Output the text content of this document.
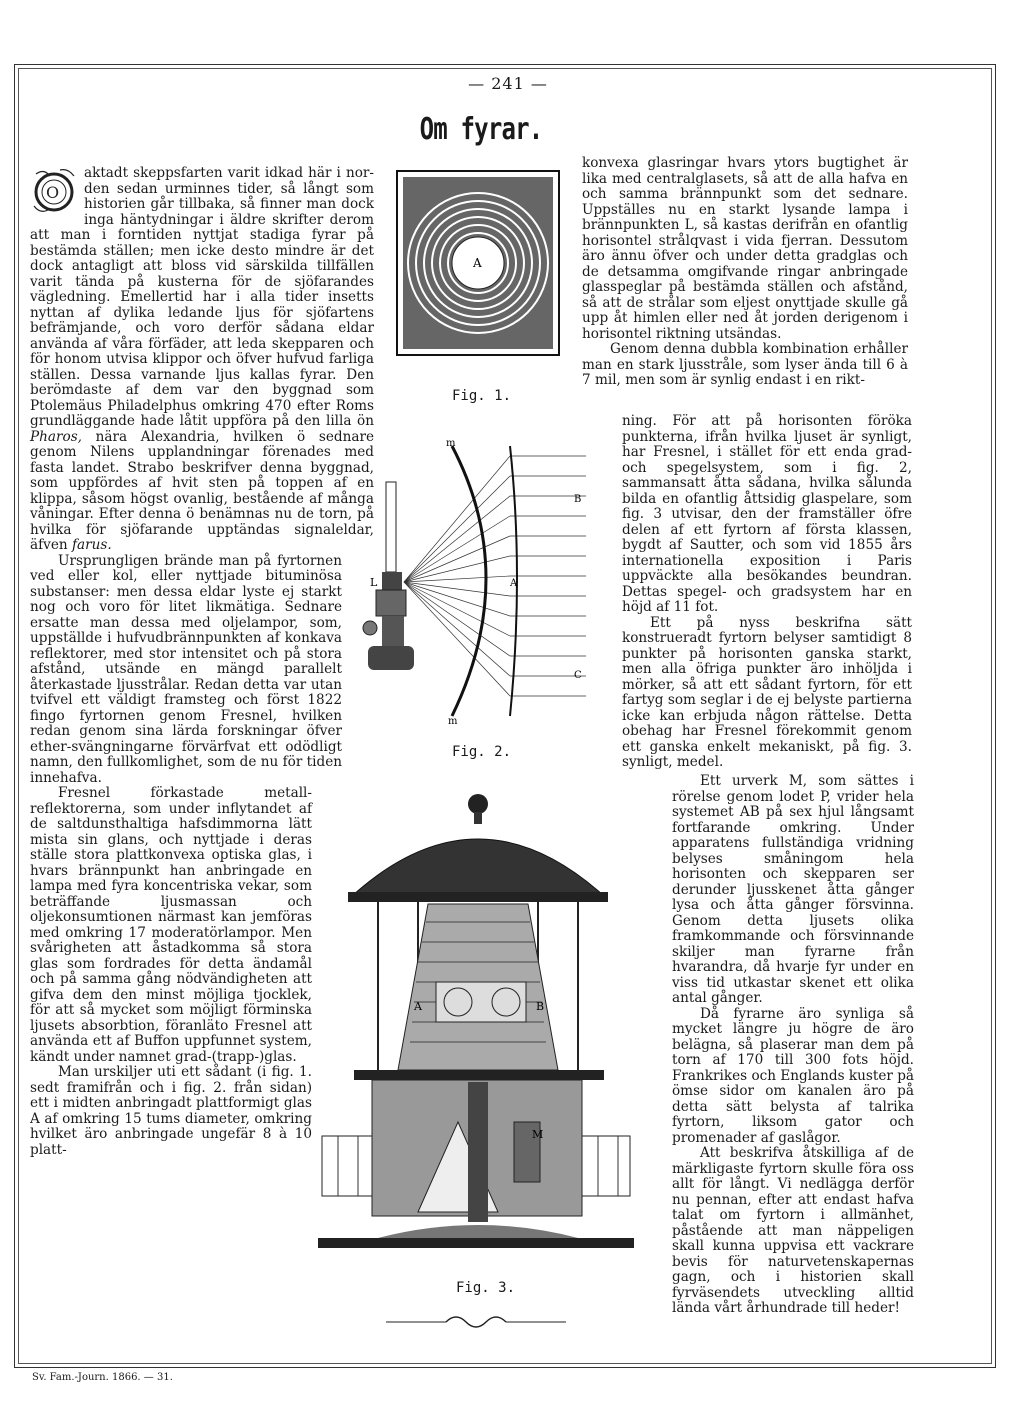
— 241 —
Om fyrar.
O

aktadt skeppsfarten varit idkad här i nor- den sedan urminnes tider, så långt som historien går tillbaka, så finner man dock inga häntydningar i äldre skrifter derom att man i forntiden nyttjat stadiga fyrar på bestämda ställen; men icke desto mindre är det dock antagligt att bloss vid särskilda tillfällen varit tända på kusterna för de sjöfarandes vägledning. Emellertid har i alla tider insetts nyttan af dylika ledande ljus för sjöfartens befrämjande, och voro derför sådana eldar använda af våra förfäder, att leda skepparen och för honom utvisa klippor och öfver hufvud farliga ställen. Dessa varnande ljus kallas fyrar. Den berömdaste af dem var den byggnad som Ptolemäus Philadelphus omkring 470 efter Roms grundläggande hade låtit uppföra på den lilla ön Pharos, nära Alexandria, hvilken ö sednare genom Nilens upplandningar förenades med fasta landet. Strabo beskrifver denna byggnad, som uppfördes af hvit sten på toppen af en klippa, såsom högst ovanlig, bestående af många våningar. Efter denna ö benämnas nu de torn, på hvilka för sjöfarande upptändas signaleldar, äfven farus.

Ursprungligen brände man på fyrtornen ved eller kol, eller nyttjade bituminösa substanser: men dessa eldar lyste ej starkt nog och voro för litet likmätiga. Sednare ersatte man dessa med oljelampor, som, uppställde i hufvudbrännpunkten af konkava reflektorer, med stor intensitet och på stora afstånd, utsände en mängd parallelt återkastade ljusstrålar. Redan detta var utan tvifvel ett väldigt framsteg och först 1822 fingo fyrtornen genom Fresnel, hvilken redan genom sina lärda forskningar öfver ether-svängningarne förvärfvat ett odödligt namn, den fullkomlighet, som de nu för tiden innehafva.

Fresnel förkastade metall-reflektorerna, som under inflytandet af de saltdunsthaltiga hafsdimmorna lätt mista sin glans, och nyttjade i deras ställe stora plattkonvexa optiska glas, i hvars brännpunkt han anbringade en lampa med fyra koncentriska vekar, som beträffande ljusmassan och oljekonsumtionen närmast kan jemföras med omkring 17 moderatörlampor. Men svårigheten att åstadkomma så stora glas som fordrades för detta ändamål och på samma gång nödvändigheten att gifva dem den minst möjliga tjocklek, för att så mycket som möjligt förminska ljusets absorbtion, föranläto Fresnel att använda ett af Buffon uppfunnet system, kändt under namnet grad-(trapp-)glas.

Man urskiljer uti ett sådant (i fig. 1. sedt framifrån och i fig. 2. från sidan) ett i midten anbringadt plattformigt glas A af omkring 15 tums diameter, omkring hvilket äro anbringade ungefär 8 à 10 platt-

A
Fig. 1.
L
m
m
A
B
C
Fig. 2.
A	B
M
Fig. 3.

konvexa glasringar hvars ytors bugtighet är lika med centralglasets, så att de alla hafva en och samma brännpunkt som det sednare. Uppställes nu en starkt lysande lampa i brännpunkten L, så kastas derifrån en ofantlig horisontel strålqvast i vida fjerran. Dessutom äro ännu öfver och under detta gradglas och de detsamma omgifvande ringar anbringade glasspeglar på bestämda ställen och afstånd, så att de strålar som eljest onyttjade skulle gå upp åt himlen eller ned åt jorden derigenom i horisontel riktning utsändas.

Genom denna dubbla kombination erhåller man en stark ljusstråle, som lyser ända till 6 à 7 mil, men som är synlig endast i en rikt-

ning. För att på horisonten föröka punkterna, ifrån hvilka ljuset är synligt, har Fresnel, i stället för ett enda grad- och spegelsystem, som i fig. 2, sammansatt åtta sådana, hvilka sålunda bilda en ofantlig åttsidig glaspelare, som fig. 3 utvisar, den der framställer öfre delen af ett fyrtorn af första klassen, bygdt af Sautter, och som vid 1855 års internationella exposition i Paris uppväckte alla besökandes beundran. Dettas spegel- och gradsystem har en höjd af 11 fot.

Ett på nyss beskrifna sätt konstrueradt fyrtorn belyser samtidigt 8 punkter på horisonten ganska starkt, men alla öfriga punkter äro inhöljda i mörker, så att ett sådant fyrtorn, för ett fartyg som seglar i de ej belyste partierna icke kan erbjuda någon rättelse. Detta obehag har Fresnel förekommit genom ett ganska enkelt mekaniskt, på fig. 3. synligt, medel.

Ett urverk M, som sättes i rörelse genom lodet P, vrider hela systemet AB på sex hjul långsamt fortfarande omkring. Under apparatens fullständiga vridning belyses småningom hela horisonten och skepparen ser derunder ljusskenet åtta gånger lysa och åtta gånger försvinna. Genom detta ljusets olika framkommande och försvinnande skiljer man fyrarne från hvarandra, då hvarje fyr under en viss tid utkastar skenet ett olika antal gånger.

Då fyrarne äro synliga så mycket längre ju högre de äro belägna, så plaserar man dem på torn af 170 till 300 fots höjd. Frankrikes och Englands kuster på ömse sidor om kanalen äro på detta sätt belysta af talrika fyrtorn, liksom gator och promenader af gaslågor.

Att beskrifva åtskilliga af de märkligaste fyrtorn skulle föra oss allt för långt. Vi nedlägga derför nu pennan, efter att endast hafva talat om fyrtorn i allmänhet, påstående att man näppeligen skall kunna uppvisa ett vackrare bevis för naturvetenskapernas gagn, och i historien skall fyrväsendets utveckling alltid lända vårt århundrade till heder!

Sv. Fam.-Journ. 1866. — 31.
